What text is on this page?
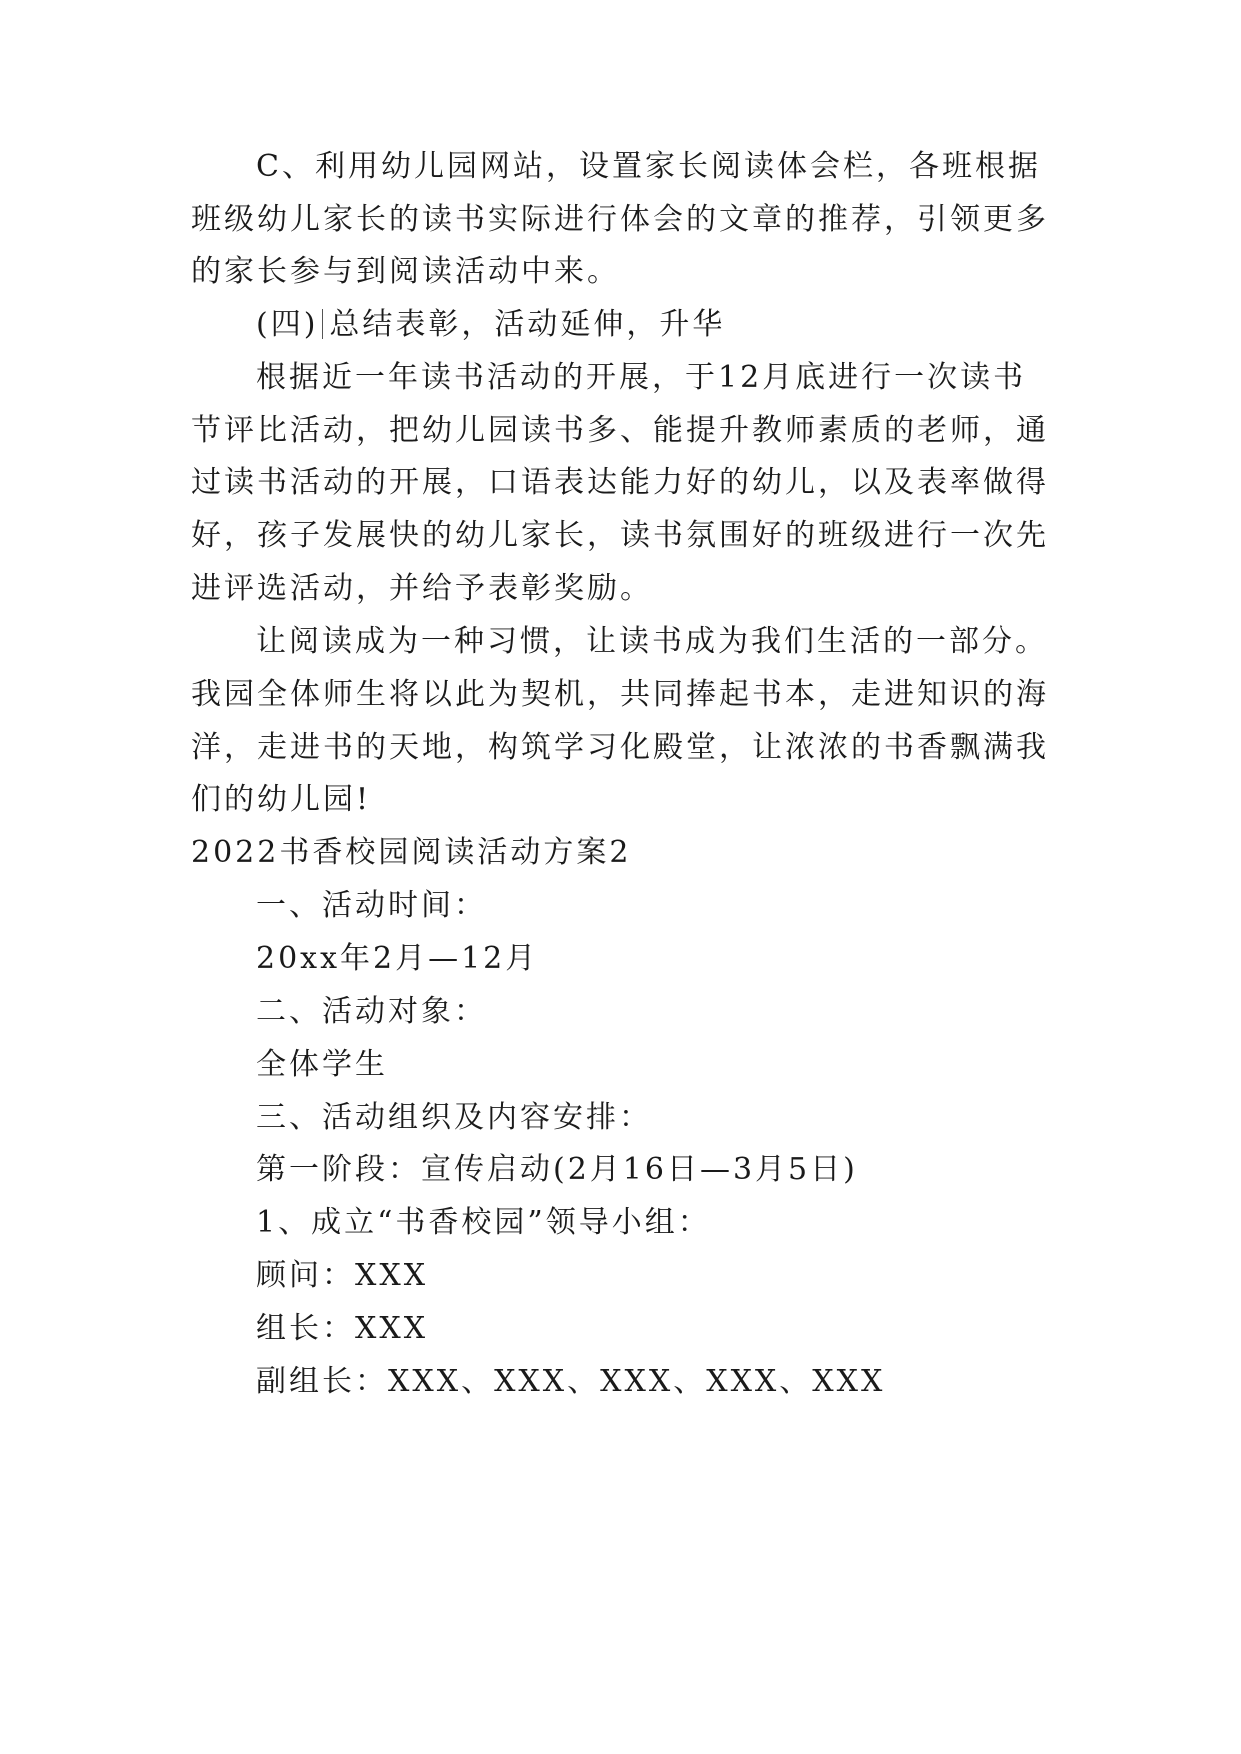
C、利用幼儿园网站，设置家长阅读体会栏，各班根据
班级幼儿家长的读书实际进行体会的文章的推荐，引领更多
的家长参与到阅读活动中来。
(四) 总结表彰，活动延伸，升华
根据近一年读书活动的开展，于12月底进行一次读书
节评比活动，把幼儿园读书多、能提升教师素质的老师，通
过读书活动的开展，口语表达能力好的幼儿，以及表率做得
好，孩子发展快的幼儿家长，读书氛围好的班级进行一次先
进评选活动，并给予表彰奖励。
让阅读成为一种习惯，让读书成为我们生活的一部分。
我园全体师生将以此为契机，共同捧起书本，走进知识的海
洋，走进书的天地，构筑学习化殿堂，让浓浓的书香飘满我
们的幼儿园!
2022书香校园阅读活动方案2
一、活动时间：
20xx年2月—12月
二、活动对象：
全体学生
三、活动组织及内容安排：
第一阶段：宣传启动(2月16日—3月5日)
1、成立“书香校园”领导小组：
顾问：XXX
组长：XXX
副组长：XXX、XXX、XXX、XXX、XXX
